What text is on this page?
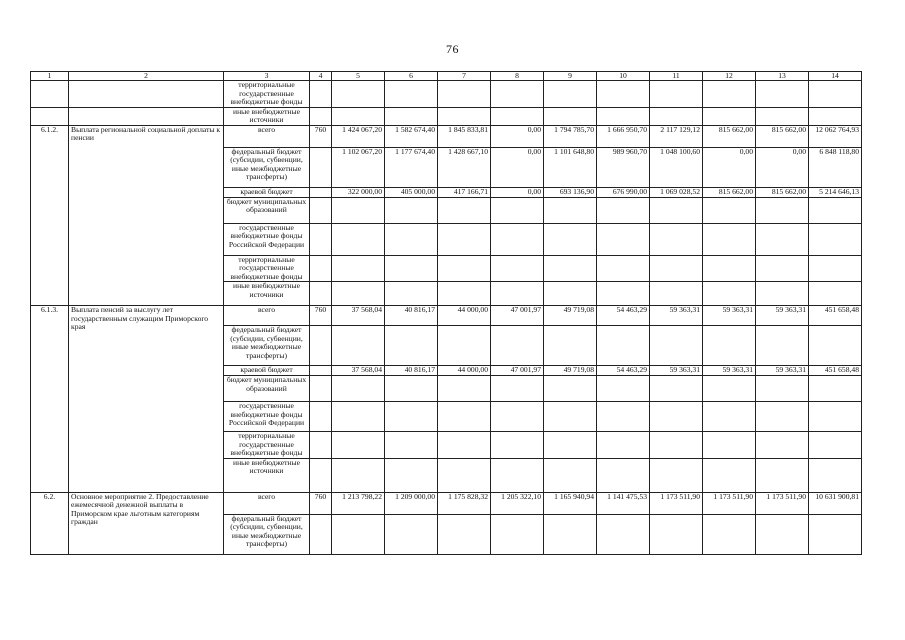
76
1	2	3	4	5	6	7	8	9	10	11	12	13	14
		территориальные государственные внебюджетные фонды											
		иные внебюджетные источники											
6.1.2.	Выплата региональной социальной доплаты к пенсии	всего	760	1 424 067,20	1 582 674,40	1 845 833,81	0,00	1 794 785,70	1 666 950,70	2 117 129,12	815 662,00	815 662,00	12 062 764,93
		федеральный бюджет (субсидии, субвенции, иные межбюджетные трансферты)		1 102 067,20	1 177 674,40	1 428 667,10	0,00	1 101 648,80	989 960,70	1 048 100,60	0,00	0,00	6 848 118,80
		краевой бюджет		322 000,00	405 000,00	417 166,71	0,00	693 136,90	676 990,00	1 069 028,52	815 662,00	815 662,00	5 214 646,13
		бюджет муниципальных образований											
		государственные внебюджетные фонды Российской Федерации											
		территориальные государственные внебюджетные фонды											
		иные внебюджетные источники											
6.1.3.	Выплата пенсий за выслугу лет государственным служащим Приморского края	всего	760	37 568,04	40 816,17	44 000,00	47 001,97	49 719,08	54 463,29	59 363,31	59 363,31	59 363,31	451 658,48
		федеральный бюджет (субсидии, субвенции, иные межбюджетные трансферты)											
		краевой бюджет		37 568,04	40 816,17	44 000,00	47 001,97	49 719,08	54 463,29	59 363,31	59 363,31	59 363,31	451 658,48
		бюджет муниципальных образований											
		государственные внебюджетные фонды Российской Федерации											
		территориальные государственные внебюджетные фонды											
		иные внебюджетные источники											
6.2.	Основное мероприятие 2. Предоставление ежемесячной денежной выплаты в Приморском крае льготным категориям граждан	всего	760	1 213 798,22	1 209 000,00	1 175 828,32	1 205 322,10	1 165 940,94	1 141 475,53	1 173 511,90	1 173 511,90	1 173 511,90	10 631 900,81
		федеральный бюджет (субсидии, субвенции, иные межбюджетные трансферты)											
